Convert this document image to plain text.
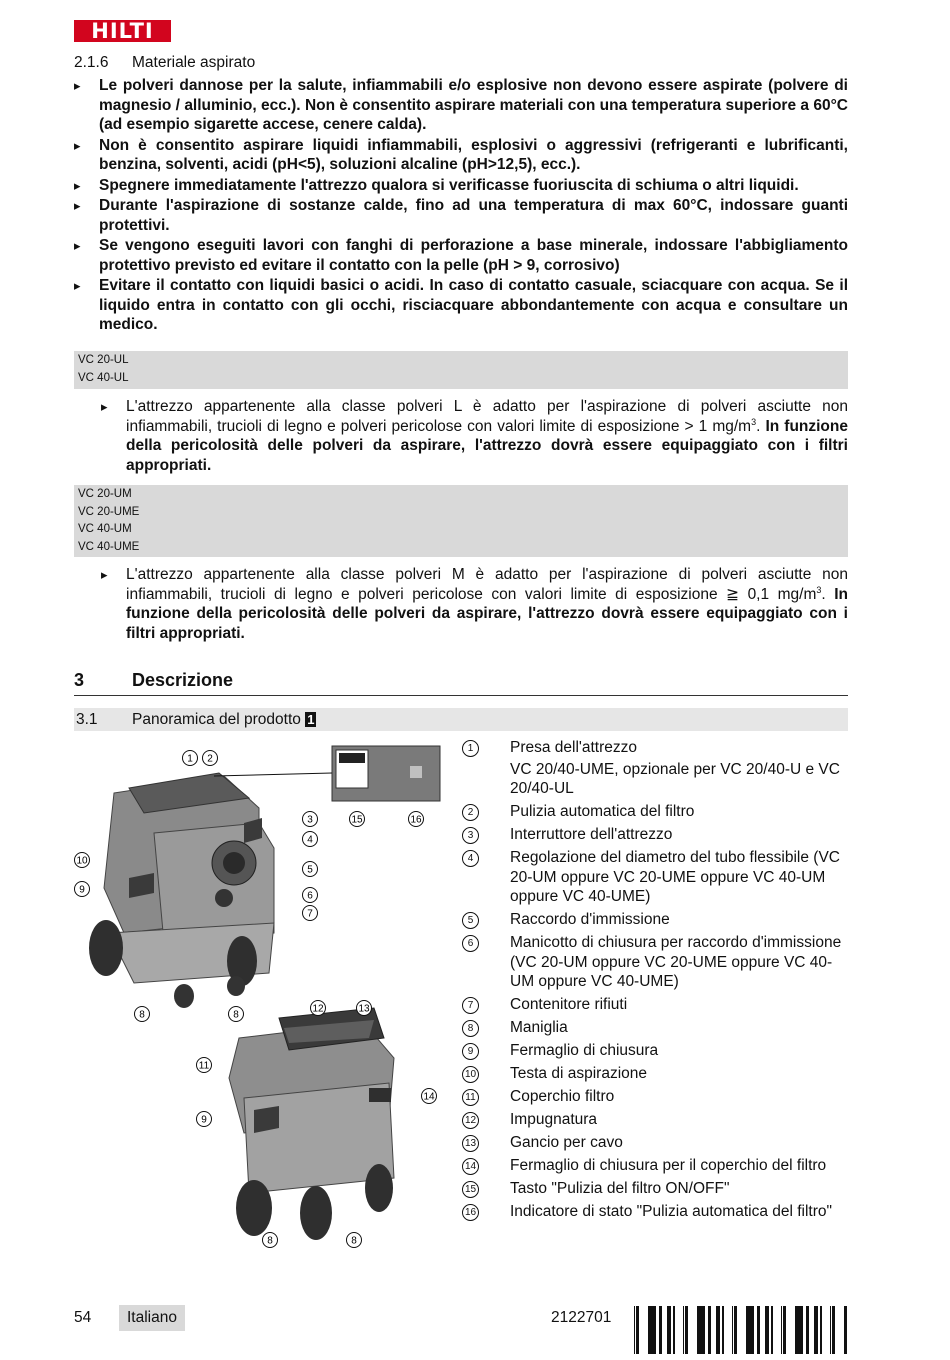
HILTI
2.1.6 Materiale aspirato
▸ Le polveri dannose per la salute, infiammabili e/o esplosive non devono essere aspirate (polvere di magnesio / alluminio, ecc.). Non è consentito aspirare materiali con una temperatura superiore a 60°C (ad esempio sigarette accese, cenere calda).
▸ Non è consentito aspirare liquidi infiammabili, esplosivi o aggressivi (refrigeranti e lubrificanti, benzina, solventi, acidi (pH<5), soluzioni alcaline (pH>12,5), ecc.).
▸ Spegnere immediatamente l'attrezzo qualora si verificasse fuoriuscita di schiuma o altri liquidi.
▸ Durante l'aspirazione di sostanze calde, fino ad una temperatura di max 60°C, indossare guanti protettivi.
▸ Se vengono eseguiti lavori con fanghi di perforazione a base minerale, indossare l'abbigliamento protettivo previsto ed evitare il contatto con la pelle (pH > 9, corrosivo)
▸ Evitare il contatto con liquidi basici o acidi. In caso di contatto casuale, sciacquare con acqua. Se il liquido entra in contatto con gli occhi, risciacquare abbondantemente con acqua e consultare un medico.
VC 20-UL
VC 40-UL
▸ L'attrezzo appartenente alla classe polveri L è adatto per l'aspirazione di polveri asciutte non infiammabili, trucioli di legno e polveri pericolose con valori limite di esposizione > 1 $mg/m^3$. In funzione della pericolosità delle polveri da aspirare, l'attrezzo dovrà essere equipaggiato con i filtri appropriati.
VC 20-UM
VC 20-UME
VC 40-UM
VC 40-UME
▸ L'attrezzo appartenente alla classe polveri M è adatto per l'aspirazione di polveri asciutte non infiammabili, trucioli di legno e polveri pericolose con valori limite di esposizione ≧ 0,1 $mg/m^3$. In funzione della pericolosità delle polveri da aspirare, l'attrezzo dovrà essere equipaggiato con i filtri appropriati.
3	Descrizione
3.1 Panoramica del prodotto 1
1 2
3
4
5
6
7
8	8
9
10
15	16
11
12	13
14
9
8	8
1	Presa dell'attrezzo
VC 20/40-UME, opzionale per VC 20/40-U e VC 20/40-UL
2	Pulizia automatica del filtro
3	Interruttore dell'attrezzo
4	Regolazione del diametro del tubo flessibile (VC 20-UM oppure VC 20-UME oppure VC 40-UM oppure VC 40-UME)
5	Raccordo d'immissione
6	Manicotto di chiusura per raccordo d'immissione (VC 20-UM oppure VC 20-UME oppure VC 40-UM oppure VC 40-UME)
7	Contenitore rifiuti
8	Maniglia
9	Fermaglio di chiusura
10 Testa di aspirazione
11 Coperchio filtro
12 Impugnatura
13 Gancio per cavo
14 Fermaglio di chiusura per il coperchio del filtro
15 Tasto "Pulizia del filtro ON/OFF"
16 Indicatore di stato "Pulizia automatica del filtro"
54	Italiano	2122701
